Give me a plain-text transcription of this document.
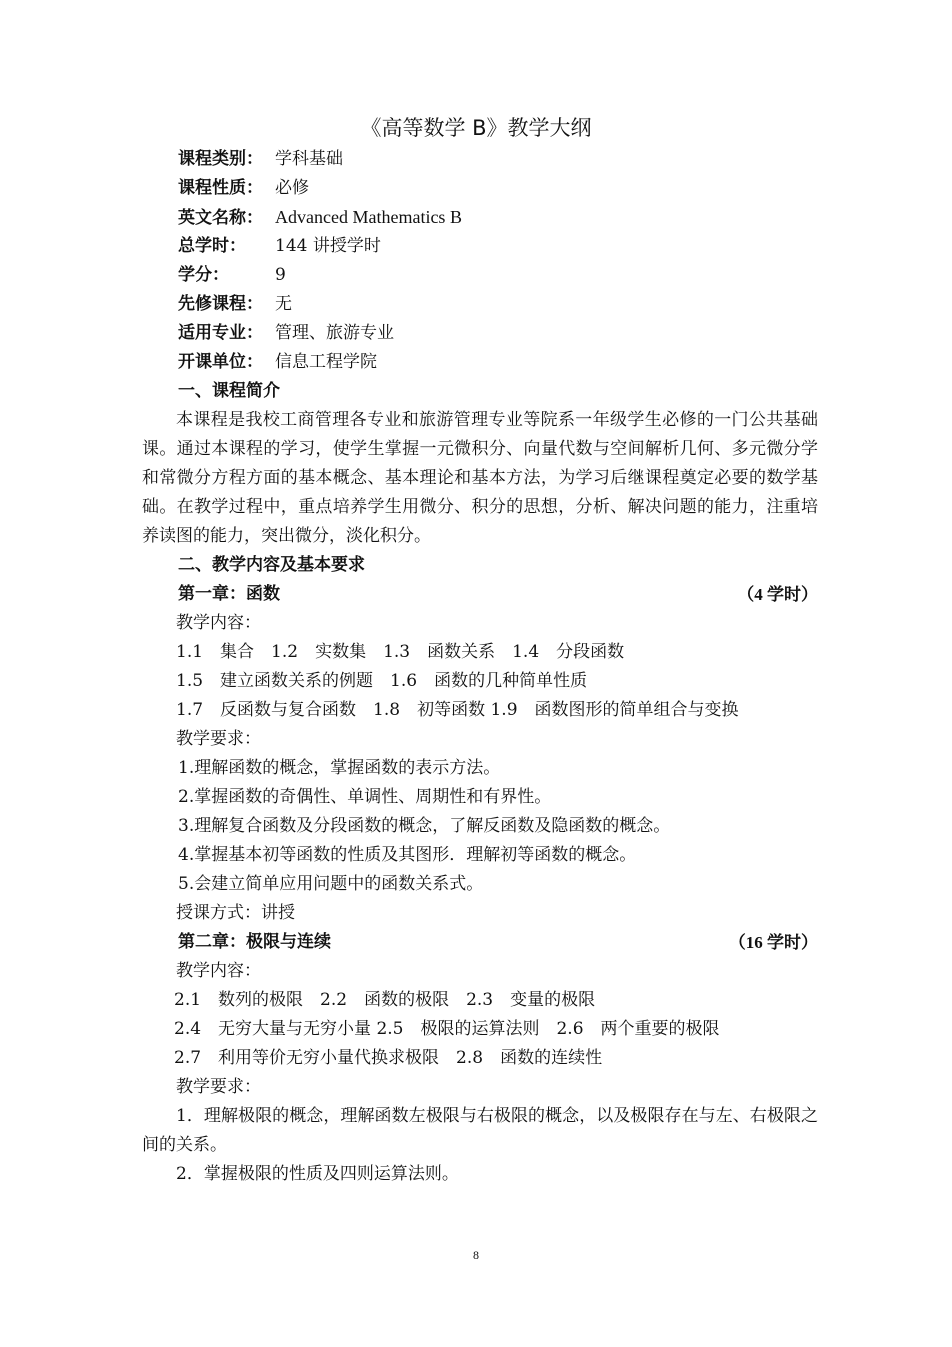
《高等数学 B》教学大纲
课程类别： 学科基础
课程性质： 必修
英文名称： Advanced Mathematics B
总学时： 144 讲授学时
学分：	9
先修课程： 无
适用专业： 管理、旅游专业
开课单位： 信息工程学院
一、课程简介
本课程是我校工商管理各专业和旅游管理专业等院系一年级学生必修的一门公共基础课。通过本课程的学习，使学生掌握一元微积分、向量代数与空间解析几何、多元微分学和常微分方程方面的基本概念、基本理论和基本方法，为学习后继课程奠定必要的数学基础。在教学过程中，重点培养学生用微分、积分的思想，分析、解决问题的能力，注重培养读图的能力，突出微分，淡化积分。
二、教学内容及基本要求
第一章：函数	（4 学时）
教学内容：
1.1　集合　1.2　实数集　1.3　函数关系　1.4　分段函数
1.5　建立函数关系的例题　1.6　函数的几种简单性质
1.7　反函数与复合函数　1.8　初等函数 1.9　函数图形的简单组合与变换
教学要求：
1.理解函数的概念，掌握函数的表示方法。
2.掌握函数的奇偶性、单调性、周期性和有界性。
3.理解复合函数及分段函数的概念，了解反函数及隐函数的概念。
4.掌握基本初等函数的性质及其图形．理解初等函数的概念。
5.会建立简单应用问题中的函数关系式。
授课方式：讲授
第二章：极限与连续	（16 学时）
教学内容：
2.1　数列的极限　2.2　函数的极限　2.3　变量的极限
2.4　无穷大量与无穷小量 2.5　极限的运算法则　2.6　两个重要的极限
2.7　利用等价无穷小量代换求极限　2.8　函数的连续性
教学要求：
1．理解极限的概念，理解函数左极限与右极限的概念，以及极限存在与左、右极限之间的关系。
2．掌握极限的性质及四则运算法则。
8
